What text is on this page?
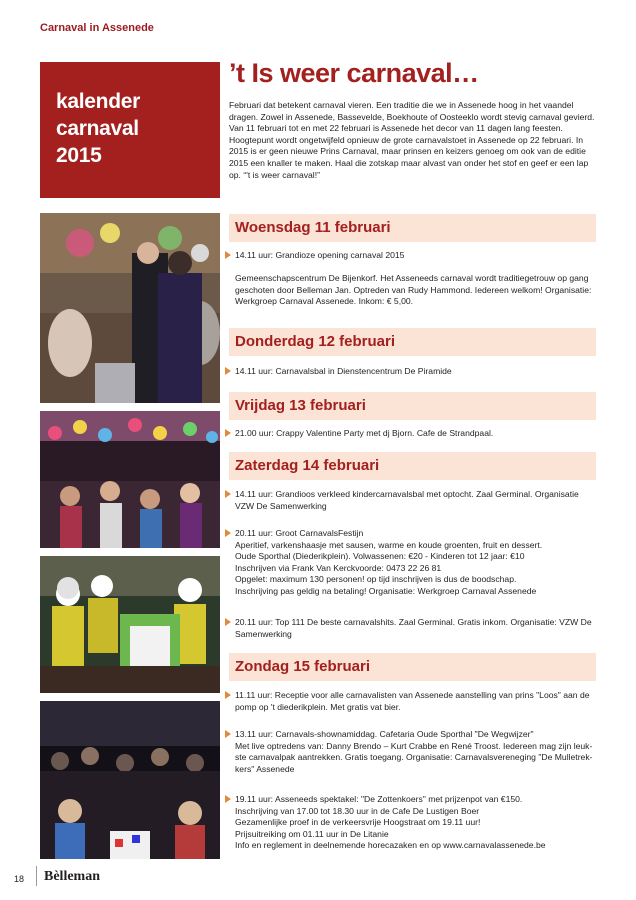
Carnaval in Assenede
kalender
carnaval
2015
’t Is weer carnaval…
Februari dat betekent carnaval vieren. Een traditie die we in Assenede hoog in het vaandel dragen. Zowel in Assenede, Bassevelde, Boekhoute of Oosteeklo wordt stevig carnaval gevierd. Van 11 februari tot en met 22 februari is Assenede het decor van 11 dagen lang feesten. Hoogtepunt wordt ongetwijfeld opnieuw de grote carnavalstoet in Assenede op 22 februari. In 2015 is er geen nieuwe Prins Carnaval, maar prinsen en keizers genoeg om ook van de editie 2015 een knaller te maken. Haal die zotskap maar alvast van onder het stof en geef er een lap op. “'t is weer carnaval!”
Woensdag 11 februari

14.11 uur: Grandioze opening carnaval 2015

Gemeenschapscentrum De Bijenkorf. Het Asseneeds carnaval wordt traditiegetrouw op gang

geschoten door Belleman Jan. Optreden van Rudy Hammond. Iedereen welkom! Organisatie:

Werkgroep Carnaval Assenede. Inkom: € 5,00.

Donderdag 12 februari

14.11 uur: Carnavalsbal in Dienstencentrum De Piramide

Vrijdag 13 februari

21.00 uur: Crappy Valentine Party met dj Bjorn. Cafe de Strandpaal.

Zaterdag 14 februari

14.11 uur: Grandioos verkleed kindercarnavalsbal met optocht. Zaal Germinal. Organisatie

VZW De Samenwerking

20.11 uur: Groot CarnavalsFestijn

Aperitief, varkenshaasje met sausen, warme en koude groenten, fruit en dessert.

Oude Sporthal (Diederikplein). Volwassenen: €20 - Kinderen tot 12 jaar: €10

Inschrijven via Frank Van Kerckvoorde: 0473 22 26 81

Opgelet: maximum 130 personen! op tijd inschrijven is dus de boodschap.

Inschrijving pas geldig na betaling! Organisatie: Werkgroep Carnaval Assenede

20.11 uur: Top 111 De beste carnavalshits. Zaal Germinal. Gratis inkom. Organisatie: VZW De

Samenwerking

Zondag 15 februari

11.11 uur: Receptie voor alle carnavalisten van Assenede aanstelling van prins "Loos" aan de

pomp op 't diederikplein. Met gratis vat bier.

13.11 uur: Carnavals-shownamiddag. Cafetaria Oude Sporthal "De Wegwijzer"

Met live optredens van: Danny Brendo – Kurt Crabbe en René Troost. Iedereen mag zijn leuk-

ste carnavalpak aantrekken. Gratis toegang. Organisatie: Carnavalsvereneging "De Mulletrek-

kers" Assenede

19.11 uur: Asseneeds spektakel: "De Zottenkoers" met prijzenpot van €150.

Inschrijving van 17.00 tot 18.30 uur in de Cafe De Lustigen Boer

Gezamenlijke proef in de verkeersvrije Hoogstraat om 19.11 uur!

Prijsuitreiking om 01.11 uur in De Litanie

Info en reglement in deelnemende horecazaken en op www.carnavalassenede.be

18 Bèlleman
